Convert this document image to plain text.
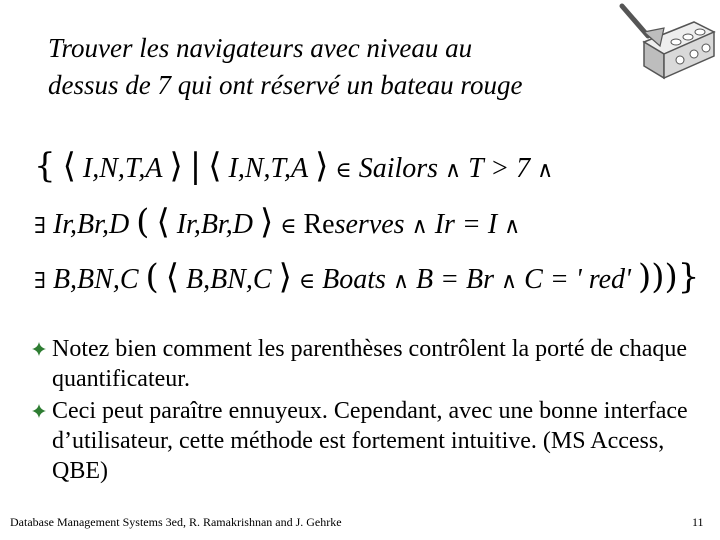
Trouver les navigateurs avec niveau au
dessus de 7 qui ont réservé un bateau rouge
{ ⟨ I,N,T,A ⟩ | ⟨ I,N,T,A ⟩ ∈ Sailors ∧ T > 7 ∧
∃ Ir,Br,D ( ⟨ Ir,Br,D ⟩ ∈ Reserves ∧ Ir = I ∧
∃ B,BN,C ( ⟨ B,BN,C ⟩ ∈ Boats ∧ B = Br ∧ C = ' red' )))}
Notez bien comment les parenthèses contrôlent la porté de chaque quantificateur.
Ceci peut paraître ennuyeux. Cependant, avec une bonne interface d’utilisateur, cette méthode est fortement intuitive. (MS Access, QBE)
Database Management Systems 3ed, R. Ramakrishnan and J. Gehrke	11
